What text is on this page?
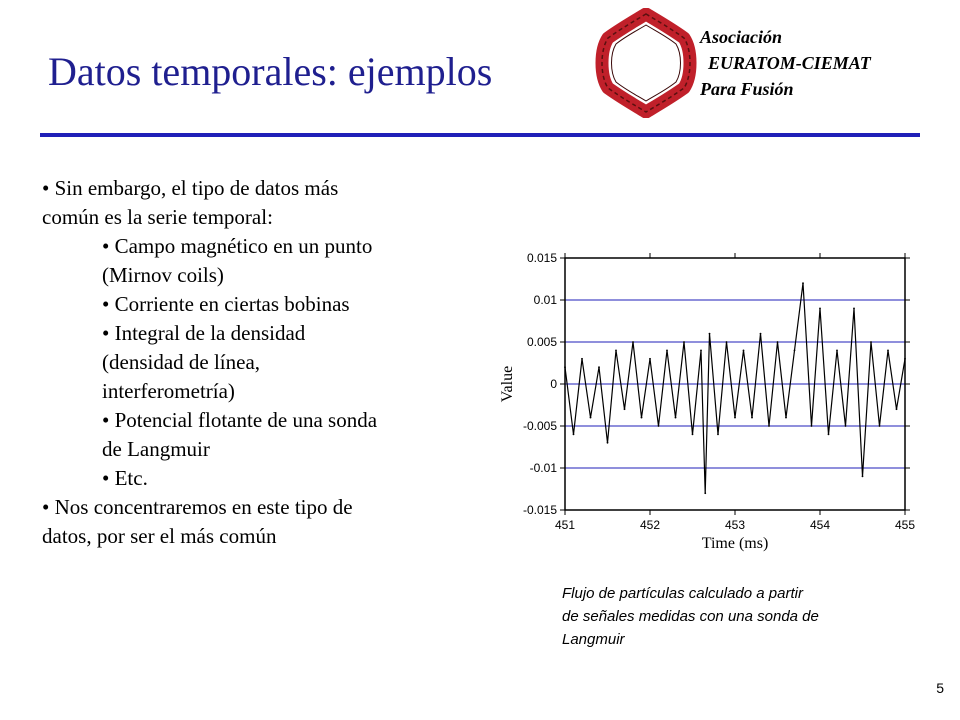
Datos temporales: ejemplos
Asociación
EURATOM-CIEMAT
Para Fusión
• Sin embargo, el tipo de datos más
común es la serie temporal:
• Campo magnético en un punto
(Mirnov coils)
• Corriente en ciertas bobinas
• Integral de la densidad
(densidad de línea,
interferometría)
• Potencial flotante de una sonda
de Langmuir
• Etc.
• Nos concentraremos en este tipo de
datos, por ser el más común
0.015
0.01
0.005
0
-0.005
-0.01
-0.015
451	452	453	454	455
Time (ms)
Value
Flujo de partículas calculado a partir
de señales medidas con una sonda de
Langmuir
5
